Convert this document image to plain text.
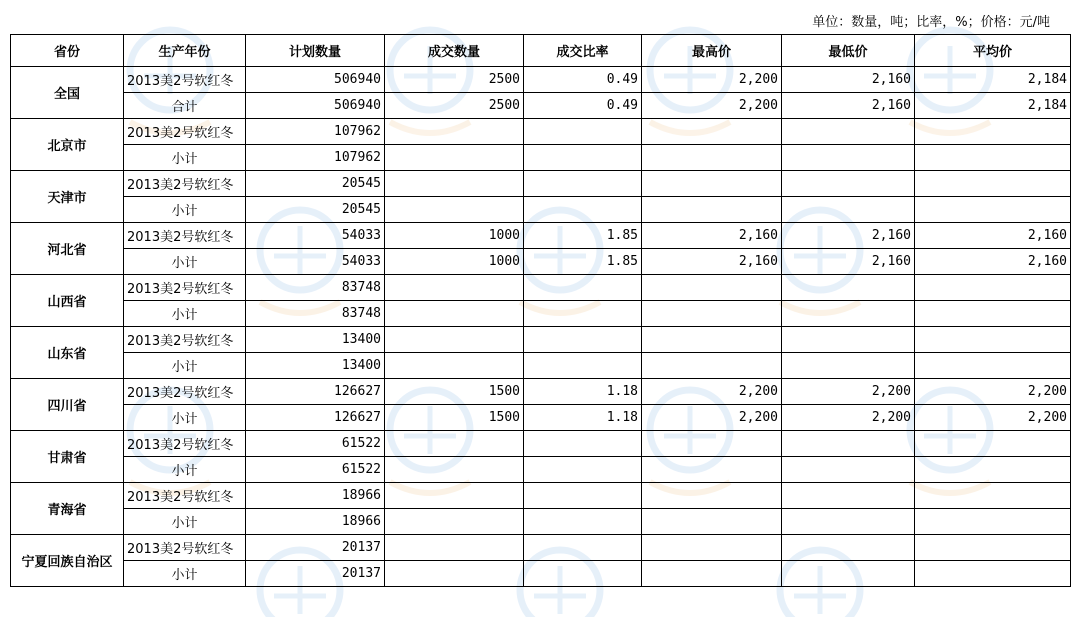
单位：数量，吨；比率，%；价格：元/吨
省份	生产年份	计划数量	成交数量	成交比率	最高价	最低价	平均价
全国	2013美2号软红冬	506940	2500	0.49	2,200	2,160	2,184
	合计	506940	2500	0.49	2,200	2,160	2,184
北京市	2013美2号软红冬	107962					
	小计	107962					
天津市	2013美2号软红冬	20545					
	小计	20545					
河北省	2013美2号软红冬	54033	1000	1.85	2,160	2,160	2,160
	小计	54033	1000	1.85	2,160	2,160	2,160
山西省	2013美2号软红冬	83748					
	小计	83748					
山东省	2013美2号软红冬	13400					
	小计	13400					
四川省	2013美2号软红冬	126627	1500	1.18	2,200	2,200	2,200
	小计	126627	1500	1.18	2,200	2,200	2,200
甘肃省	2013美2号软红冬	61522					
	小计	61522					
青海省	2013美2号软红冬	18966					
	小计	18966					
宁夏回族自治区	2013美2号软红冬	20137					
	小计	20137					
